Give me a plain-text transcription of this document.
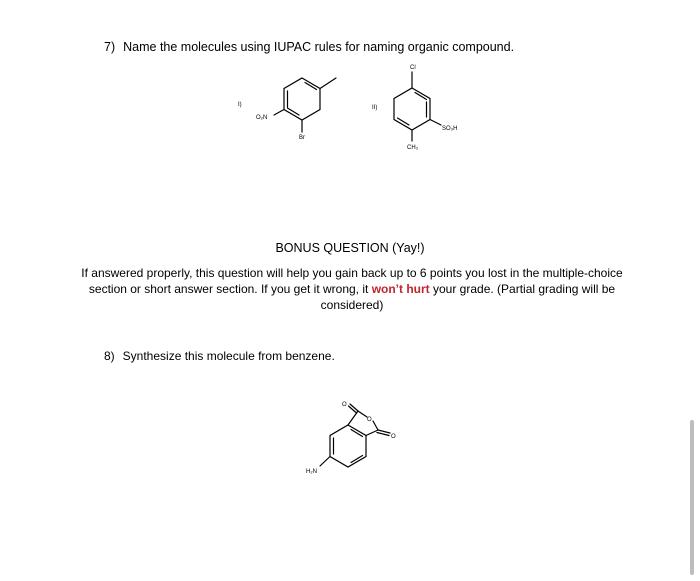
7) Name the molecules using IUPAC rules for naming organic compound.
I)
O₂N
Br
II)
Cl
SO₃H
CH₃
BONUS QUESTION (Yay!)
If answered properly, this question will help you gain back up to 6 points you lost in the multiple-choice section or short answer section. If you get it wrong, it won’t hurt your grade. (Partial grading will be considered)
8) Synthesize this molecule from benzene.
O
O
O
H₂N
